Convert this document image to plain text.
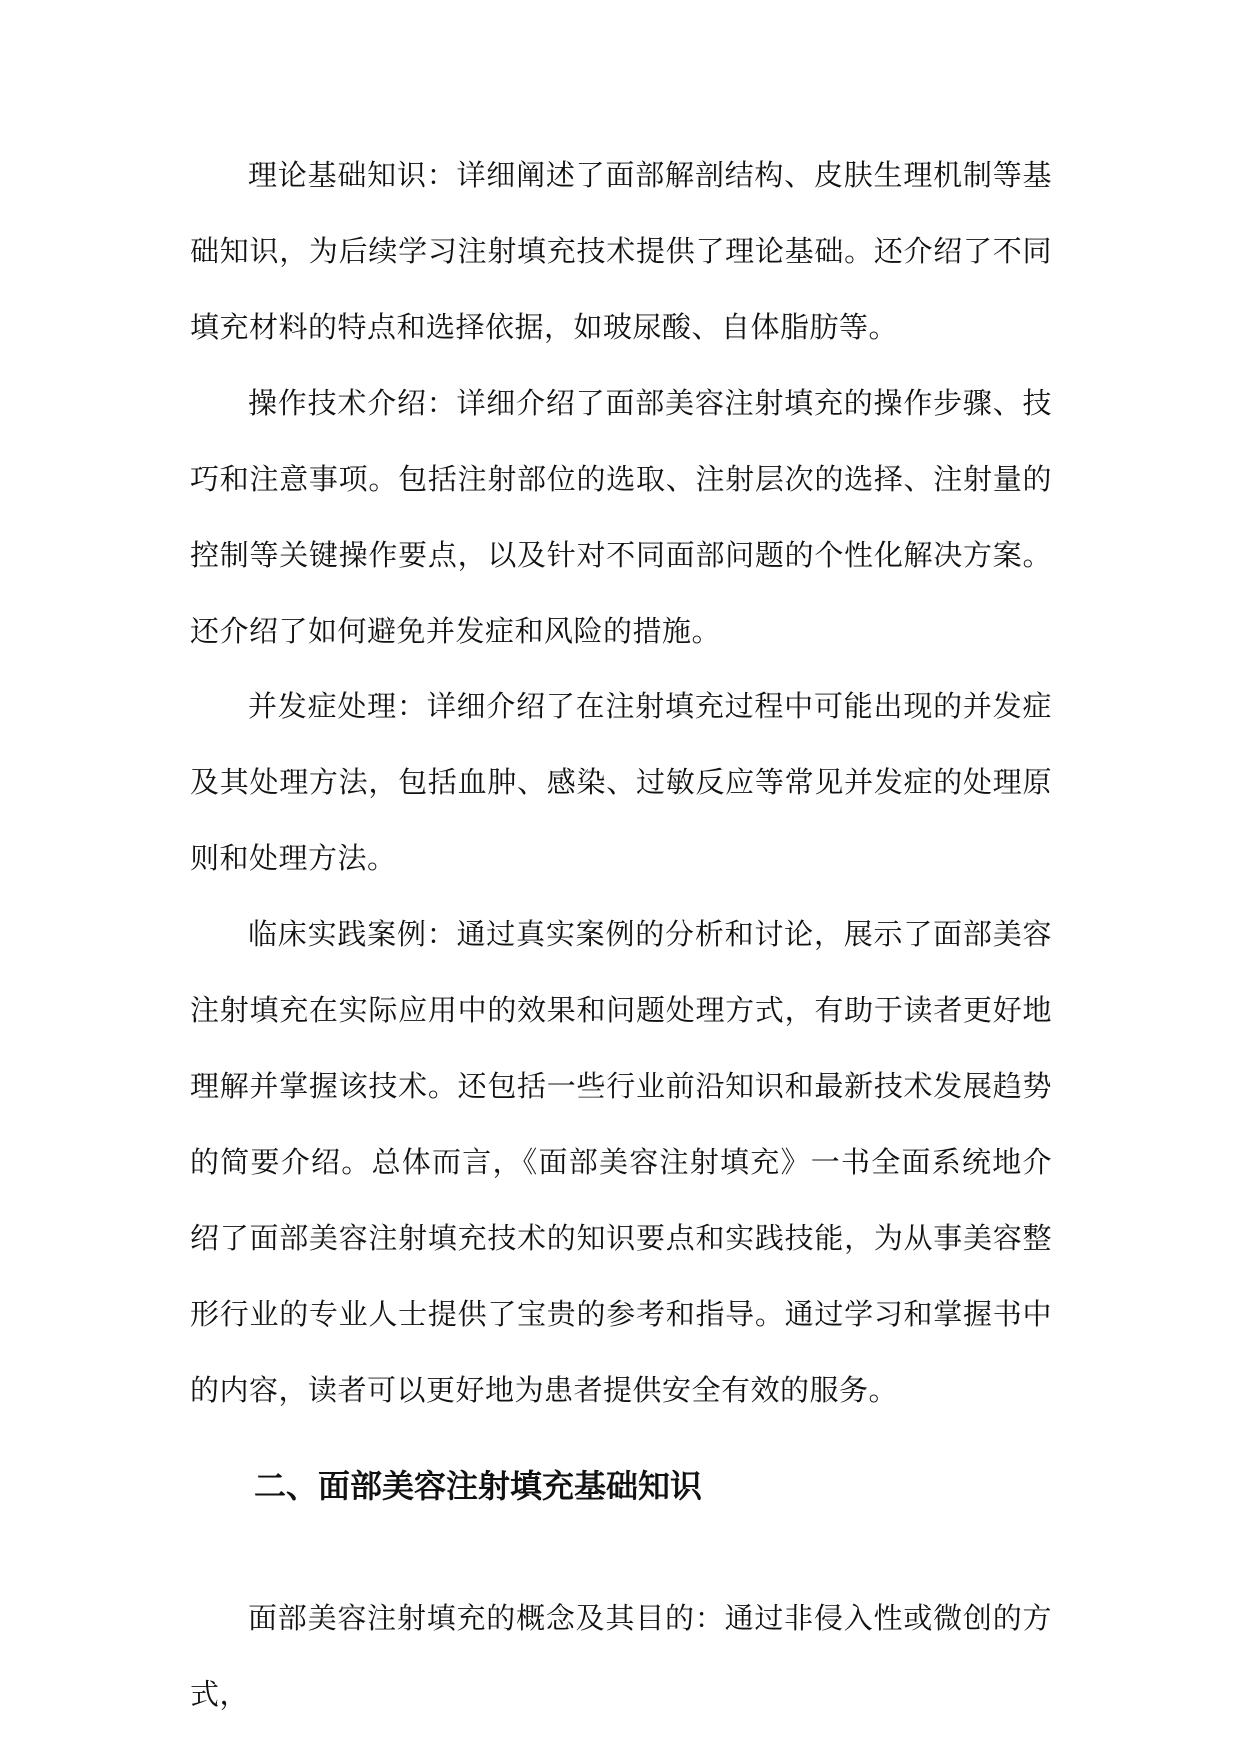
理论基础知识：详细阐述了面部解剖结构、皮肤生理机制等基础知识，为后续学习注射填充技术提供了理论基础。还介绍了不同填充材料的特点和选择依据，如玻尿酸、自体脂肪等。

操作技术介绍：详细介绍了面部美容注射填充的操作步骤、技巧和注意事项。包括注射部位的选取、注射层次的选择、注射量的控制等关键操作要点，以及针对不同面部问题的个性化解决方案。还介绍了如何避免并发症和风险的措施。

并发症处理：详细介绍了在注射填充过程中可能出现的并发症及其处理方法，包括血肿、感染、过敏反应等常见并发症的处理原则和处理方法。

临床实践案例：通过真实案例的分析和讨论，展示了面部美容注射填充在实际应用中的效果和问题处理方式，有助于读者更好地理解并掌握该技术。还包括一些行业前沿知识和最新技术发展趋势的简要介绍。总体而言，《面部美容注射填充》一书全面系统地介绍了面部美容注射填充技术的知识要点和实践技能，为从事美容整形行业的专业人士提供了宝贵的参考和指导。通过学习和掌握书中的内容，读者可以更好地为患者提供安全有效的服务。

二、面部美容注射填充基础知识

面部美容注射填充的概念及其目的：通过非侵入性或微创的方式，
